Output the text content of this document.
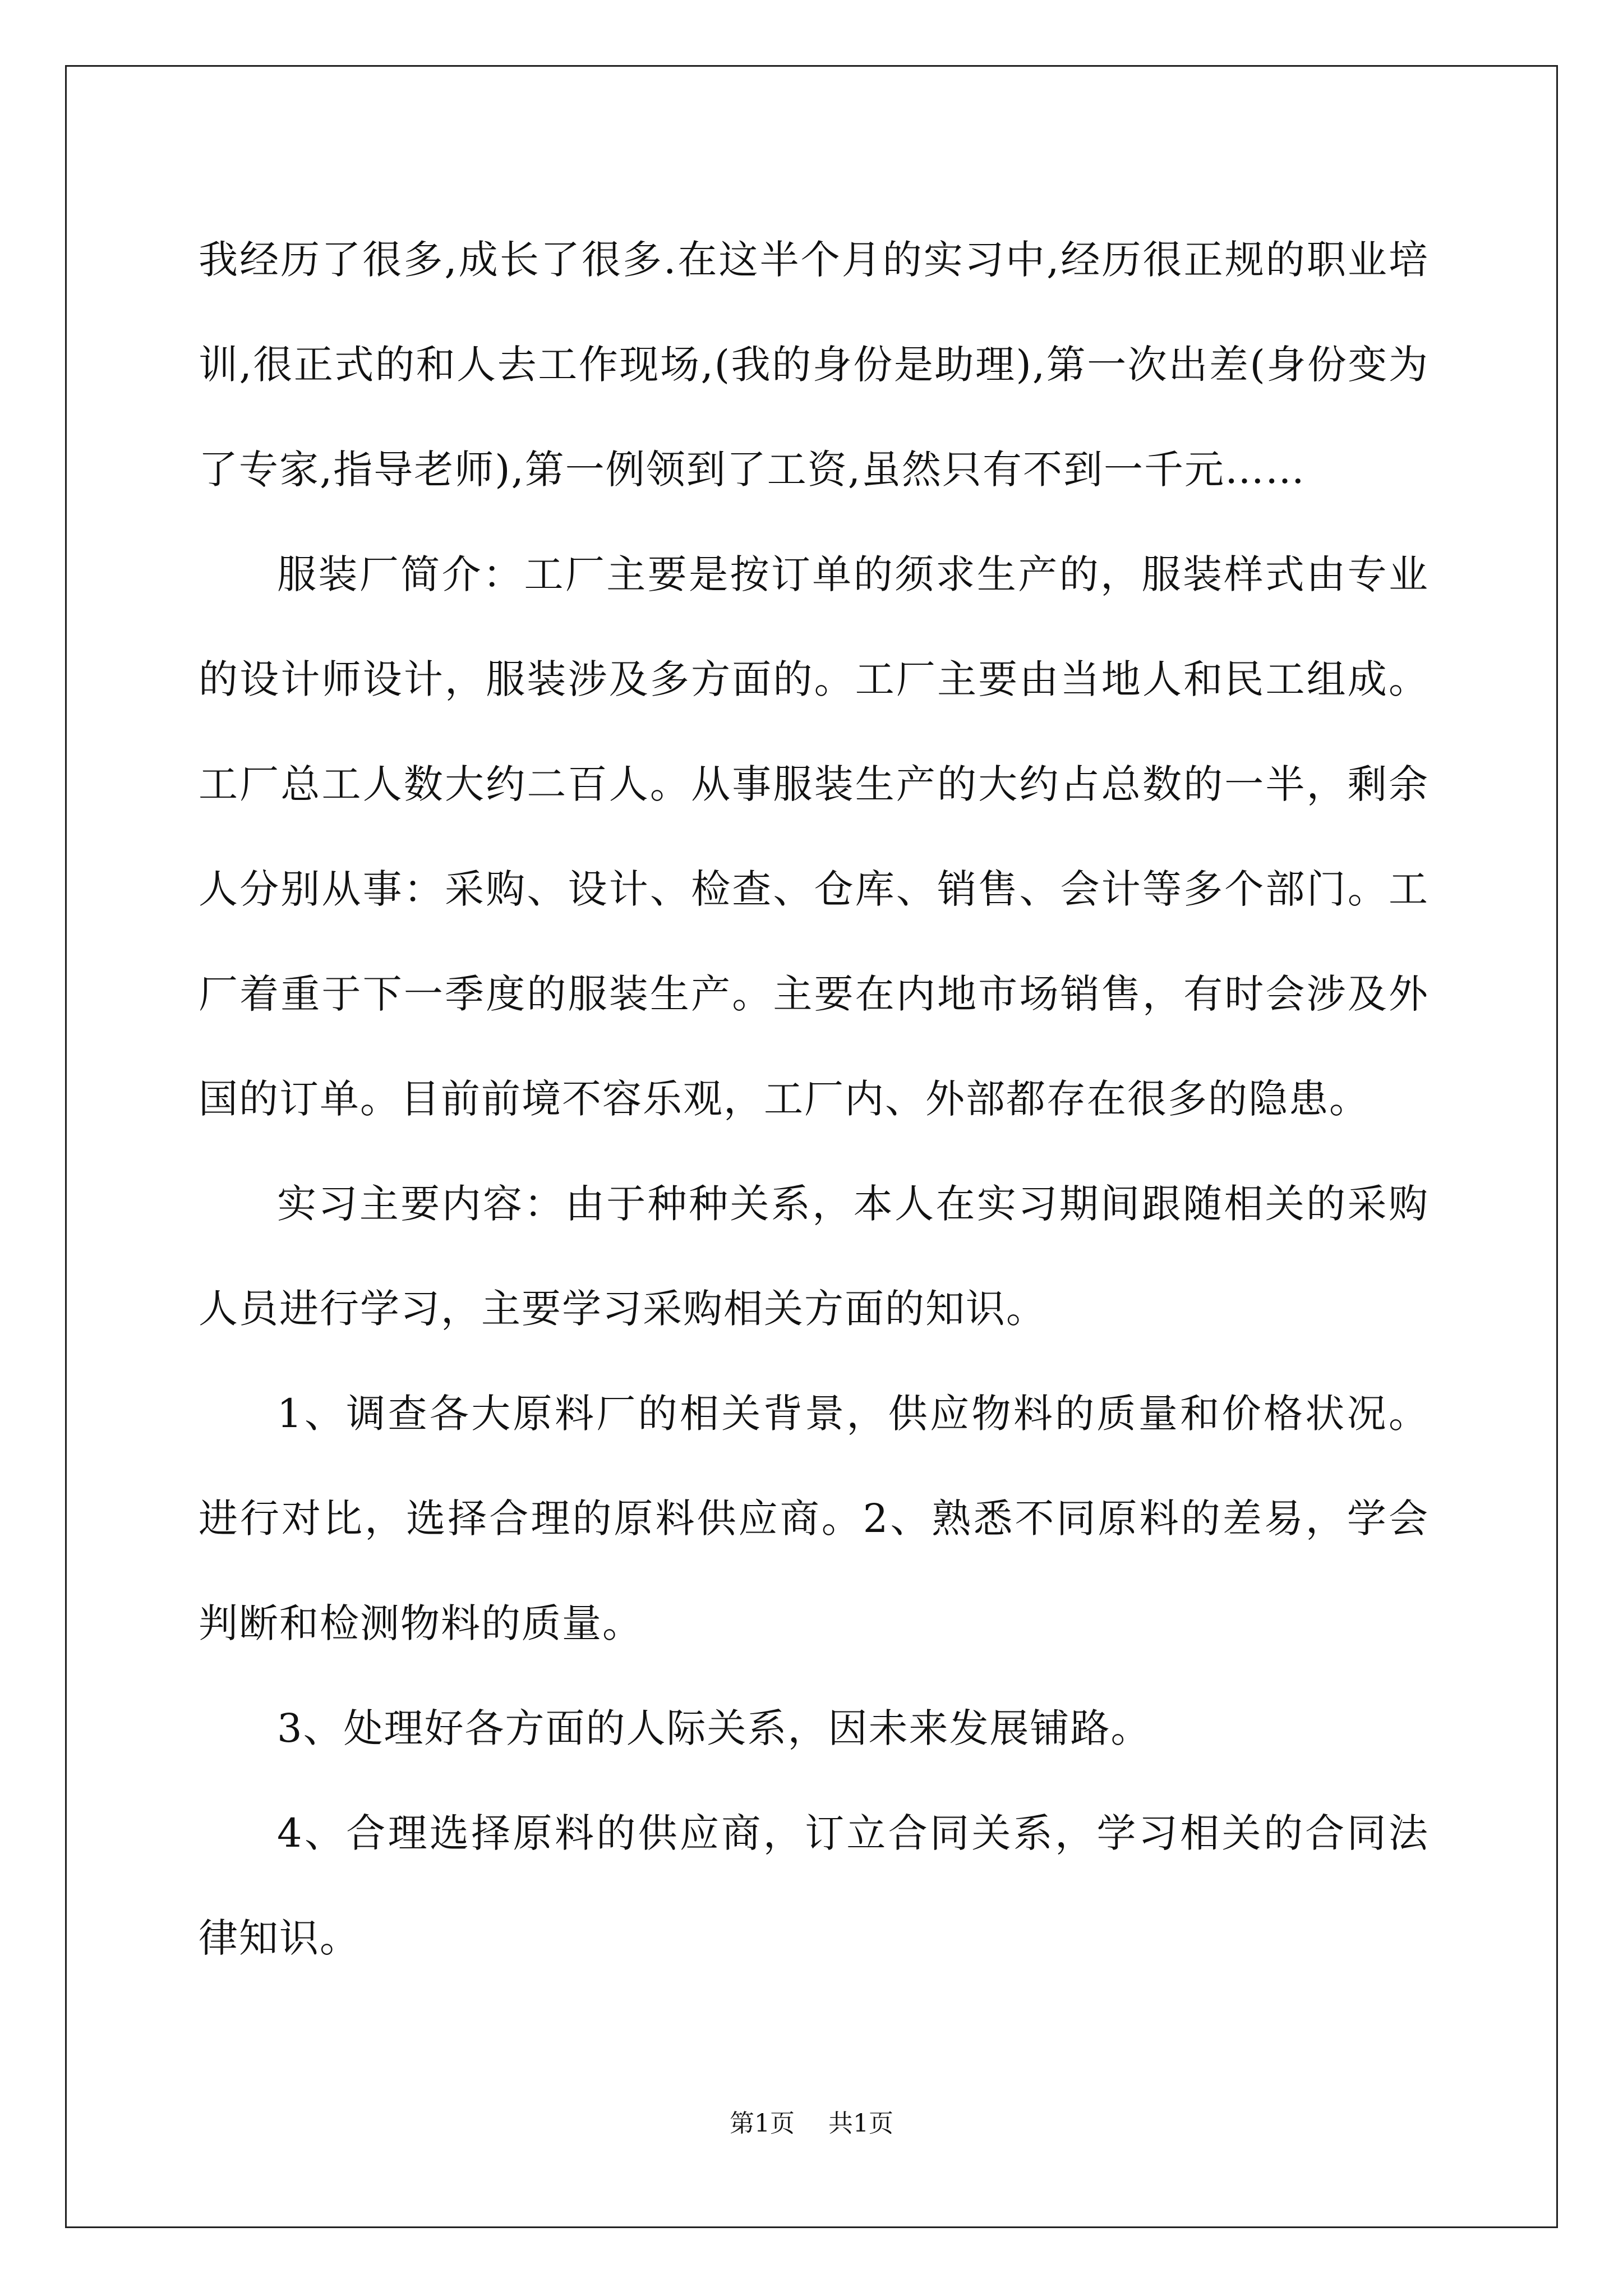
我经历了很多,成长了很多.在这半个月的实习中,经历很正规的职业培训,很正式的和人去工作现场,(我的身份是助理),第一次出差(身份变为了专家,指导老师),第一例领到了工资,虽然只有不到一千元……

服装厂简介：工厂主要是按订单的须求生产的，服装样式由专业的设计师设计，服装涉及多方面的。工厂主要由当地人和民工组成。工厂总工人数大约二百人。从事服装生产的大约占总数的一半，剩余人分别从事：采购、设计、检查、仓库、销售、会计等多个部门。工厂着重于下一季度的服装生产。主要在内地市场销售，有时会涉及外国的订单。目前前境不容乐观，工厂内、外部都存在很多的隐患。

实习主要内容：由于种种关系，本人在实习期间跟随相关的采购人员进行学习，主要学习采购相关方面的知识。

1、调查各大原料厂的相关背景，供应物料的质量和价格状况。进行对比，选择合理的原料供应商。2、熟悉不同原料的差易，学会判断和检测物料的质量。

3、处理好各方面的人际关系，因未来发展铺路。

4、合理选择原料的供应商，订立合同关系，学习相关的合同法律知识。

第1页 共1页
